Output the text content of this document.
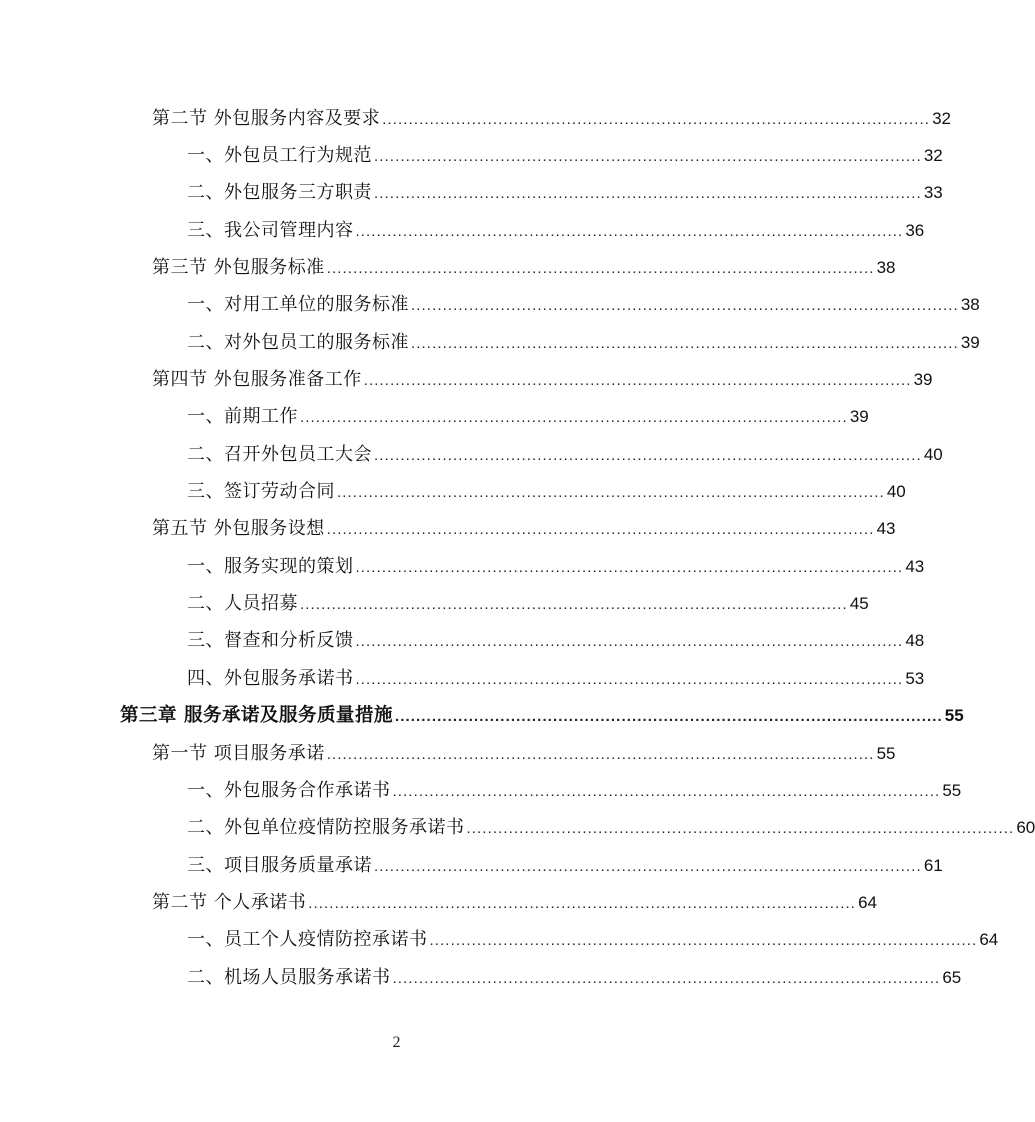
第二节 外包服务内容及要求 ........................................................................................................ 32
一、外包员工行为规范 ........................................................................................................ 32
二、外包服务三方职责 ........................................................................................................ 33
三、我公司管理内容 ........................................................................................................ 36
第三节 外包服务标准 ........................................................................................................ 38
一、对用工单位的服务标准 ........................................................................................................ 38
二、对外包员工的服务标准 ........................................................................................................ 39
第四节 外包服务准备工作 ........................................................................................................ 39
一、前期工作 ........................................................................................................ 39
二、召开外包员工大会 ........................................................................................................ 40
三、签订劳动合同 ........................................................................................................ 40
第五节 外包服务设想 ........................................................................................................ 43
一、服务实现的策划 ........................................................................................................ 43
二、人员招募 ........................................................................................................ 45
三、督查和分析反馈 ........................................................................................................ 48
四、外包服务承诺书 ........................................................................................................ 53
第三章 服务承诺及服务质量措施 ........................................................................................................ 55
第一节 项目服务承诺 ........................................................................................................ 55
一、外包服务合作承诺书 ........................................................................................................ 55
二、外包单位疫情防控服务承诺书 ........................................................................................................ 60
三、项目服务质量承诺 ........................................................................................................ 61
第二节 个人承诺书 ........................................................................................................ 64
一、员工个人疫情防控承诺书 ........................................................................................................ 64
二、机场人员服务承诺书 ........................................................................................................ 65
2
